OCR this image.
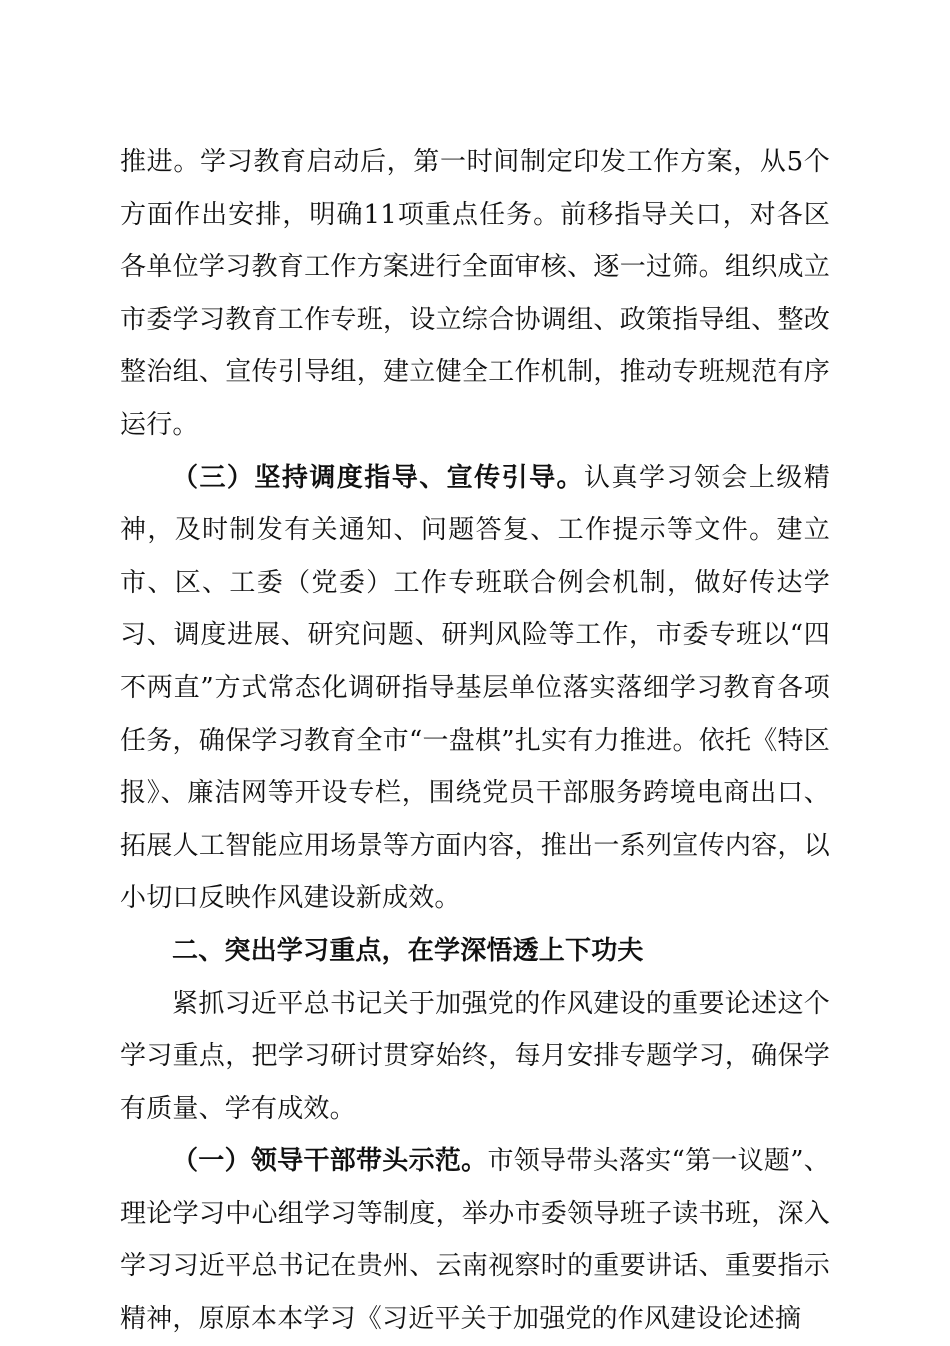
推进。学习教育启动后，第一时间制定印发工作方案，从5个方面作出安排，明确11项重点任务。前移指导关口，对各区各单位学习教育工作方案进行全面审核、逐一过筛。组织成立市委学习教育工作专班，设立综合协调组、政策指导组、整改整治组、宣传引导组，建立健全工作机制，推动专班规范有序运行。

（三）坚持调度指导、宣传引导。认真学习领会上级精神，及时制发有关通知、问题答复、工作提示等文件。建立市、区、工委（党委）工作专班联合例会机制，做好传达学习、调度进展、研究问题、研判风险等工作，市委专班以“四不两直”方式常态化调研指导基层单位落实落细学习教育各项任务，确保学习教育全市“一盘棋”扎实有力推进。依托《特区报》、廉洁网等开设专栏，围绕党员干部服务跨境电商出口、拓展人工智能应用场景等方面内容，推出一系列宣传内容，以小切口反映作风建设新成效。

二、突出学习重点，在学深悟透上下功夫

紧抓习近平总书记关于加强党的作风建设的重要论述这个学习重点，把学习研讨贯穿始终，每月安排专题学习，确保学有质量、学有成效。

（一）领导干部带头示范。市领导带头落实“第一议题”、理论学习中心组学习等制度，举办市委领导班子读书班，深入学习习近平总书记在贵州、云南视察时的重要讲话、重要指示精神，原原本本学习《习近平关于加强党的作风建设论述摘
